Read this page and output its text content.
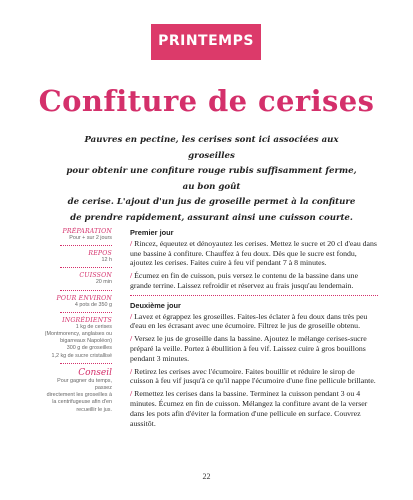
PRINTEMPS
Confiture de cerises
Pauvres en pectine, les cerises sont ici associées aux groseilles
pour obtenir une confiture rouge rubis suffisamment ferme, au bon goût
de cerise. L'ajout d'un jus de groseille permet à la confiture
de prendre rapidement, assurant ainsi une cuisson courte.
PRÉPARATION
Pour + sur 2 jours
REPOS
12 h
CUISSON
20 min
POUR ENVIRON
4 pots de 350 g
INGRÉDIENTS
1 kg de cerises
(Montmorency, anglaises ou
bigarreaux Napoléon)
300 g de groseilles
1,2 kg de sucre cristallisé
Conseil
Pour gagner du temps, passez
directement les groseilles à
la centrifugeuse afin d'en
recueillir le jus.
Premier jour
/ Rincez, équeutez et dénoyautez les cerises. Mettez le sucre et 20 cl d'eau dans une bassine à confiture. Chauffez à feu doux. Dès que le sucre est fondu, ajoutez les cerises. Faites cuire à feu vif pendant 7 à 8 minutes.
/ Écumez en fin de cuisson, puis versez le contenu de la bassine dans une grande terrine. Laissez refroidir et réservez au frais jusqu'au lendemain.
Deuxième jour
/ Lavez et égrappez les groseilles. Faites-les éclater à feu doux dans très peu d'eau en les écrasant avec une écumoire. Filtrez le jus de groseille obtenu.
/ Versez le jus de groseille dans la bassine. Ajoutez le mélange cerises-sucre préparé la veille. Portez à ébullition à feu vif. Laissez cuire à gros bouillons pendant 3 minutes.
/ Retirez les cerises avec l'écumoire. Faites bouillir et réduire le sirop de cuisson à feu vif jusqu'à ce qu'il nappe l'écumoire d'une fine pellicule brillante.
/ Remettez les cerises dans la bassine. Terminez la cuisson pendant 3 ou 4 minutes. Écumez en fin de cuisson. Mélangez la confiture avant de la verser dans les pots afin d'éviter la formation d'une pellicule en surface. Couvrez aussitôt.
22
